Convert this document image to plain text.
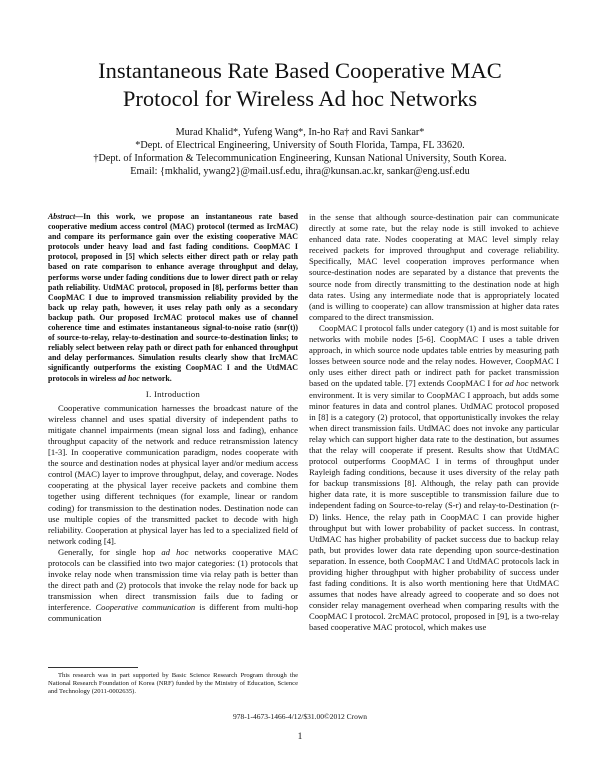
Instantaneous Rate Based Cooperative MAC
Protocol for Wireless Ad hoc Networks
Murad Khalid*, Yufeng Wang*, In-ho Ra† and Ravi Sankar*
*Dept. of Electrical Engineering, University of South Florida, Tampa, FL 33620.
†Dept. of Information & Telecommunication Engineering, Kunsan National University, South Korea.
Email: {mkhalid, ywang2}@mail.usf.edu, ihra@kunsan.ac.kr, sankar@eng.usf.edu
Abstract—In this work, we propose an instantaneous rate based cooperative medium access control (MAC) protocol (termed as IrcMAC) and compare its performance gain over the existing cooperative MAC protocols under heavy load and fast fading conditions. CoopMAC I protocol, proposed in [5] which selects either direct path or relay path based on rate comparison to enhance average throughput and delay, performs worse under fading conditions due to lower direct path or relay path reliability. UtdMAC protocol, proposed in [8], performs better than CoopMAC I due to improved transmission reliability provided by the back up relay path, however, it uses relay path only as a secondary backup path. Our proposed IrcMAC protocol makes use of channel coherence time and estimates instantaneous signal-to-noise ratio (snr(t)) of source-to-relay, relay-to-destination and source-to-destination links; to reliably select between relay path or direct path for enhanced throughput and delay performances. Simulation results clearly show that IrcMAC significantly outperforms the existing CoopMAC I and the UtdMAC protocols in wireless ad hoc network.
I. Introduction

Cooperative communication harnesses the broadcast nature of the wireless channel and uses spatial diversity of independent paths to mitigate channel impairments (mean signal loss and fading), enhance throughput capacity of the network and reduce retransmission latency [1-3]. In cooperative communication paradigm, nodes cooperate with the source and destination nodes at physical layer and/or medium access control (MAC) layer to improve throughput, delay, and coverage. Nodes cooperating at the physical layer receive packets and combine them together using different techniques (for example, linear or random coding) for transmission to the destination nodes. Destination node can use multiple copies of the transmitted packet to decode with high reliability. Cooperation at physical layer has led to a specialized field of network coding [4].

Generally, for single hop ad hoc networks cooperative MAC protocols can be classified into two major categories: (1) protocols that invoke relay node when transmission time via relay path is better than the direct path and (2) protocols that invoke the relay node for back up transmission when direct transmission fails due to fading or interference. Cooperative communication is different from multi-hop communication

This research was in part supported by Basic Science Research Program through the National Research Foundation of Korea (NRF) funded by the Ministry of Education, Science and Technology (2011-0002635).

in the sense that although source-destination pair can communicate directly at some rate, but the relay node is still invoked to achieve enhanced data rate. Nodes cooperating at MAC level simply relay received packets for improved throughput and coverage reliability. Specifically, MAC level cooperation improves performance when source-destination nodes are separated by a distance that prevents the source node from directly transmitting to the destination node at high data rates. Using any intermediate node that is appropriately located (and is willing to cooperate) can allow transmission at higher data rates compared to the direct transmission.

CoopMAC I protocol falls under category (1) and is most suitable for networks with mobile nodes [5-6]. CoopMAC I uses a table driven approach, in which source node updates table entries by measuring path losses between source node and the relay nodes. However, CoopMAC I only uses either direct path or indirect path for packet transmission based on the updated table. [7] extends CoopMAC I for ad hoc network environment. It is very similar to CoopMAC I approach, but adds some minor features in data and control planes. UtdMAC protocol proposed in [8] is a category (2) protocol, that opportunistically invokes the relay when direct transmission fails. UtdMAC does not invoke any particular relay which can support higher data rate to the destination, but assumes that the relay will cooperate if present. Results show that UtdMAC protocol outperforms CoopMAC I in terms of throughput under Rayleigh fading conditions, because it uses diversity of the relay path for backup transmissions [8]. Although, the relay path can provide higher data rate, it is more susceptible to transmission failure due to independent fading on Source-to-relay (S-r) and relay-to-Destination (r-D) links. Hence, the relay path in CoopMAC I can provide higher throughput but with lower probability of packet success. In contrast, UtdMAC has higher probability of packet success due to backup relay path, but provides lower data rate depending upon source-destination separation. In essence, both CoopMAC I and UtdMAC protocols lack in providing higher throughput with higher probability of success under fast fading conditions. It is also worth mentioning here that UtdMAC assumes that nodes have already agreed to cooperate and so does not consider relay management overhead when comparing results with the CoopMAC I protocol. 2rcMAC protocol, proposed in [9], is a two-relay based cooperative MAC protocol, which makes use

978-1-4673-1466-4/12/$31.00©2012 Crown
1
